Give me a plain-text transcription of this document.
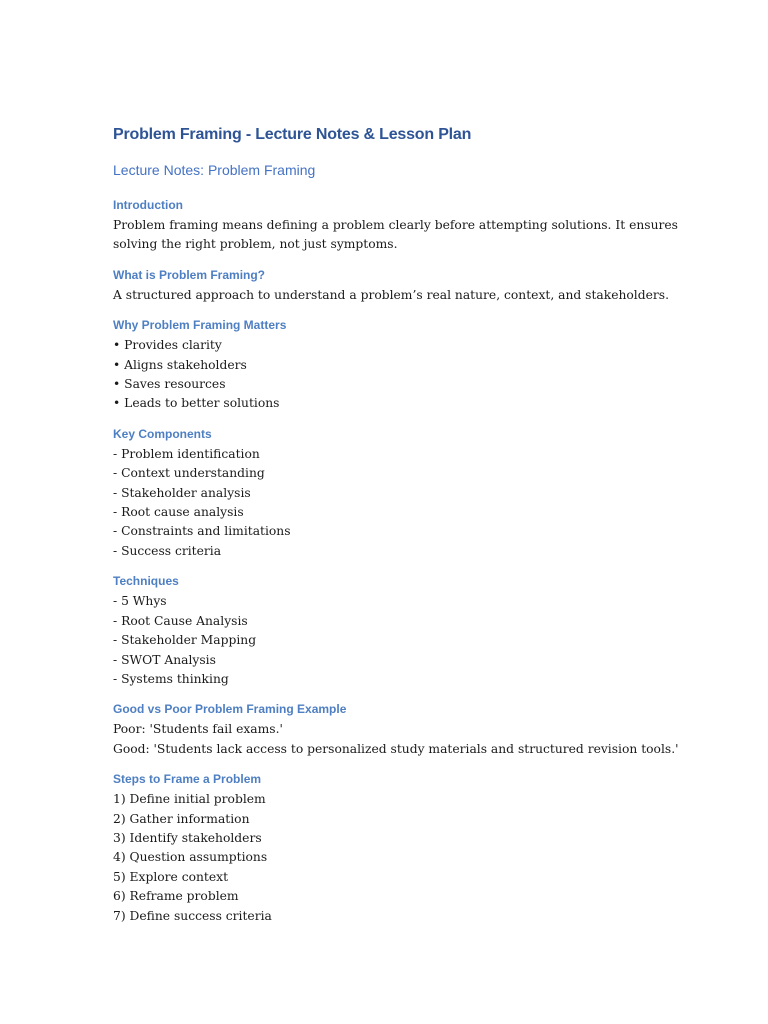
Problem Framing - Lecture Notes & Lesson Plan
Lecture Notes: Problem Framing
Introduction
Problem framing means defining a problem clearly before attempting solutions. It ensures
solving the right problem, not just symptoms.
What is Problem Framing?
A structured approach to understand a problem’s real nature, context, and stakeholders.
Why Problem Framing Matters
• Provides clarity
• Aligns stakeholders
• Saves resources
• Leads to better solutions
Key Components
- Problem identification
- Context understanding
- Stakeholder analysis
- Root cause analysis
- Constraints and limitations
- Success criteria
Techniques
- 5 Whys
- Root Cause Analysis
- Stakeholder Mapping
- SWOT Analysis
- Systems thinking
Good vs Poor Problem Framing Example
Poor: 'Students fail exams.'
Good: 'Students lack access to personalized study materials and structured revision tools.'
Steps to Frame a Problem
1) Define initial problem
2) Gather information
3) Identify stakeholders
4) Question assumptions
5) Explore context
6) Reframe problem
7) Define success criteria
